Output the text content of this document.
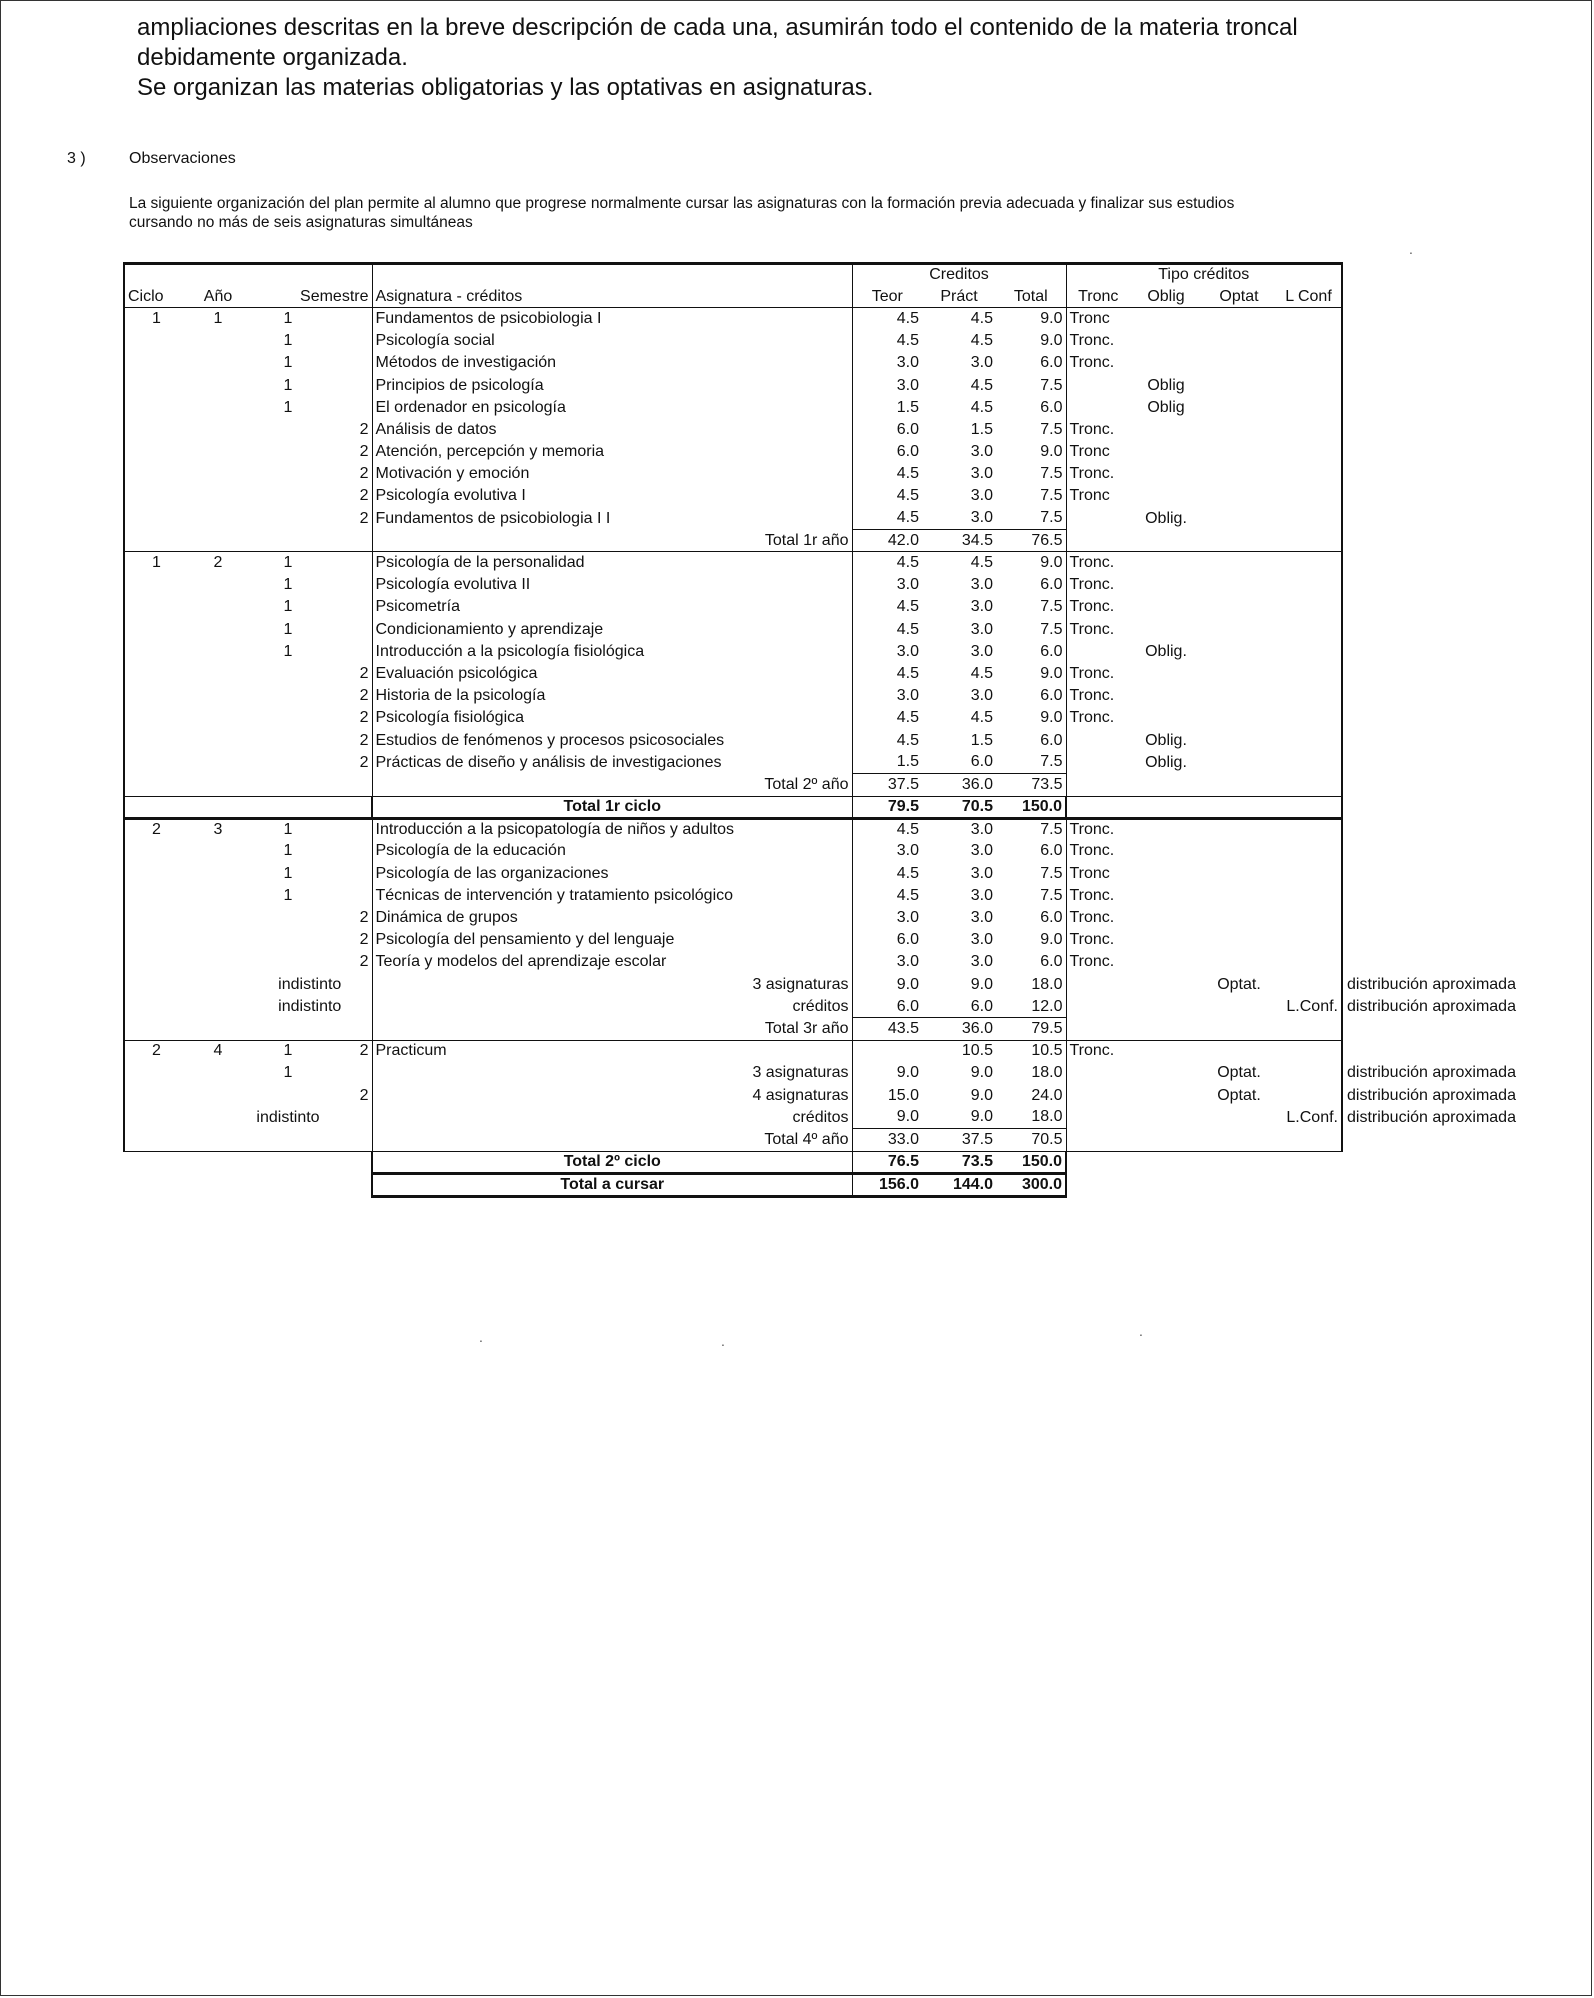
ampliaciones descritas en la breve descripción de cada una, asumirán todo el contenido de la materia troncal

debidamente organizada.

Se organizan las materias obligatorias y las optativas en asignaturas.

3 )	Observaciones
La siguiente organización del plan permite al alumno que progrese normalmente cursar las asignaturas con la formación previa adecuada y finalizar sus estudios
cursando no más de seis asignaturas simultáneas
					Creditos			Tipo créditos				
Ciclo	Año	Semestre		Asignatura - créditos	Teor	Práct	Total	Tronc	Oblig	Optat	L Conf	
1	1	1		Fundamentos de psicobiologia I	4.5	4.5	9.0	Tronc				
		1		Psicología social	4.5	4.5	9.0	Tronc.				
		1		Métodos de investigación	3.0	3.0	6.0	Tronc.				
		1		Principios de psicología	3.0	4.5	7.5		Oblig			
		1		El ordenador en psicología	1.5	4.5	6.0		Oblig			
			2	Análisis de datos	6.0	1.5	7.5	Tronc.				
			2	Atención, percepción y memoria	6.0	3.0	9.0	Tronc				
			2	Motivación y emoción	4.5	3.0	7.5	Tronc.				
			2	Psicología evolutiva I	4.5	3.0	7.5	Tronc				
			2	Fundamentos de psicobiologia I I	4.5	3.0	7.5		Oblig.			
				Total 1r año	42.0	34.5	76.5					
1	2	1		Psicología de la personalidad	4.5	4.5	9.0	Tronc.				
		1		Psicología evolutiva II	3.0	3.0	6.0	Tronc.				
		1		Psicometría	4.5	3.0	7.5	Tronc.				
		1		Condicionamiento y aprendizaje	4.5	3.0	7.5	Tronc.				
		1		Introducción a la psicología fisiológica	3.0	3.0	6.0		Oblig.			
			2	Evaluación psicológica	4.5	4.5	9.0	Tronc.				
			2	Historia de la psicología	3.0	3.0	6.0	Tronc.				
			2	Psicología fisiológica	4.5	4.5	9.0	Tronc.				
			2	Estudios de fenómenos y procesos psicosociales	4.5	1.5	6.0		Oblig.			
			2	Prácticas de diseño y análisis de investigaciones	1.5	6.0	7.5		Oblig.			
				Total 2º año	37.5	36.0	73.5					
				Total 1r ciclo	79.5	70.5	150.0					
2	3	1		Introducción a la psicopatología de niños y adultos	4.5	3.0	7.5	Tronc.				
		1		Psicología de la educación	3.0	3.0	6.0	Tronc.				
		1		Psicología de las organizaciones	4.5	3.0	7.5	Tronc				
		1		Técnicas de intervención y tratamiento psicológico	4.5	3.0	7.5	Tronc.				
			2	Dinámica de grupos	3.0	3.0	6.0	Tronc.				
			2	Psicología del pensamiento y del lenguaje	6.0	3.0	9.0	Tronc.				
			2	Teoría y modelos del aprendizaje escolar	3.0	3.0	6.0	Tronc.				
		indistinto		3 asignaturas	9.0	9.0	18.0			Optat.		distribución aproximada
		indistinto		créditos	6.0	6.0	12.0				L.Conf.	distribución aproximada
				Total 3r año	43.5	36.0	79.5					
2	4	1	2	Practicum		10.5	10.5	Tronc.				
		1		3 asignaturas	9.0	9.0	18.0			Optat.		distribución aproximada
			2	4 asignaturas	15.0	9.0	24.0			Optat.		distribución aproximada
		indistinto		créditos	9.0	9.0	18.0				L.Conf.	distribución aproximada
				Total 4º año	33.0	37.5	70.5					
				Total 2º ciclo	76.5	73.5	150.0					
				Total a cursar	156.0	144.0	300.0					
.
.	.
.
